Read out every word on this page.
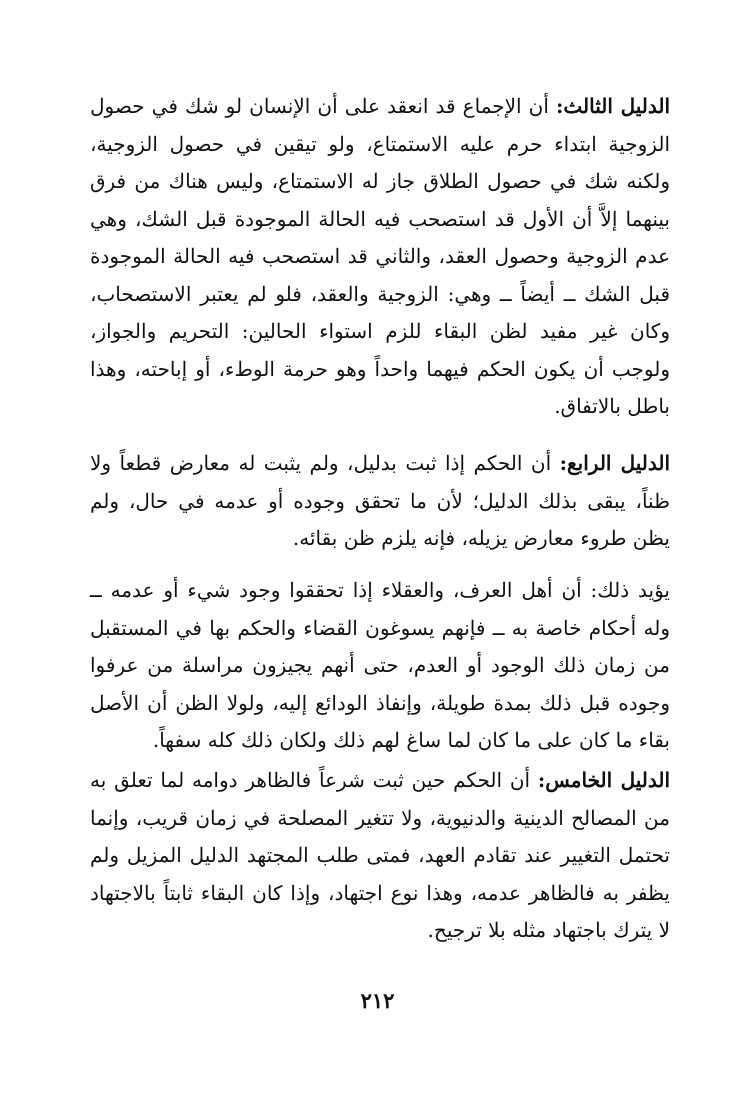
الدليل الثالث: أن الإجماع قد انعقد على أن الإنسان لو شك في حصول الزوجية ابتداء حرم عليه الاستمتاع، ولو تيقين في حصول الزوجية، ولكنه شك في حصول الطلاق جاز له الاستمتاع، وليس هناك من فرق بينهما إلاَّ أن الأول قد استصحب فيه الحالة الموجودة قبل الشك، وهي عدم الزوجية وحصول العقد، والثاني قد استصحب فيه الحالة الموجودة قبل الشك ــ أيضاً ــ وهي: الزوجية والعقد، فلو لم يعتبر الاستصحاب، وكان غير مفيد لظن البقاء للزم استواء الحالين: التحريم والجواز، ولوجب أن يكون الحكم فيهما واحداً وهو حرمة الوطء، أو إباحته، وهذا باطل بالاتفاق.

الدليل الرابع: أن الحكم إذا ثبت بدليل، ولم يثبت له معارض قطعاً ولا ظناً، يبقى بذلك الدليل؛ لأن ما تحقق وجوده أو عدمه في حال، ولم يظن طروء معارض يزيله، فإنه يلزم ظن بقائه.

يؤيد ذلك: أن أهل العرف، والعقلاء إذا تحققوا وجود شيء أو عدمه ــ وله أحكام خاصة به ــ فإنهم يسوغون القضاء والحكم بها في المستقبل من زمان ذلك الوجود أو العدم، حتى أنهم يجيزون مراسلة من عرفوا وجوده قبل ذلك بمدة طويلة، وإنفاذ الودائع إليه، ولولا الظن أن الأصل بقاء ما كان على ما كان لما ساغ لهم ذلك ولكان ذلك كله سفهاً.

الدليل الخامس: أن الحكم حين ثبت شرعاً فالظاهر دوامه لما تعلق به من المصالح الدينية والدنيوية، ولا تتغير المصلحة في زمان قريب، وإنما تحتمل التغيير عند تقادم العهد، فمتى طلب المجتهد الدليل المزيل ولم يظفر به فالظاهر عدمه، وهذا نوع اجتهاد، وإذا كان البقاء ثابتاً بالاجتهاد لا يترك باجتهاد مثله بلا ترجيح.

٢١٢
